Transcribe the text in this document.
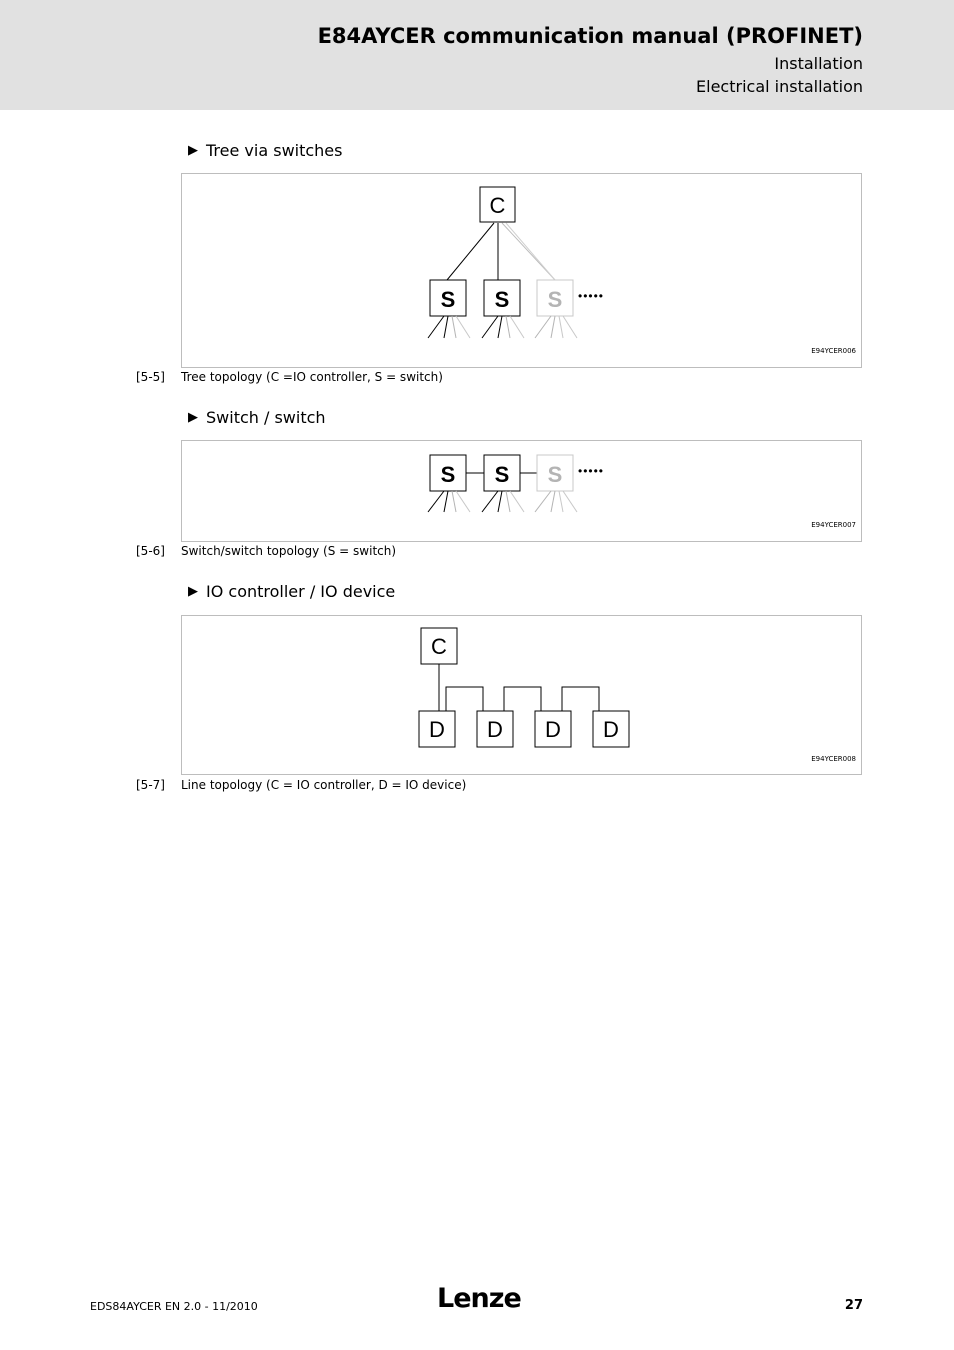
E84AYCER communication manual (PROFINET)
Installation
Electrical installation
▶ Tree via switches
C
S S S •••••
E94YCER006
[5-5] Tree topology (C =IO controller, S = switch)
▶ Switch / switch
S S S •••••
E94YCER007
[5-6] Switch/switch topology (S = switch)
▶ IO controller / IO device
C
D D D D
E94YCER008
[5-7] Line topology (C = IO controller, D = IO device)
EDS84AYCER EN 2.0 - 11/2010	Lenze	27
